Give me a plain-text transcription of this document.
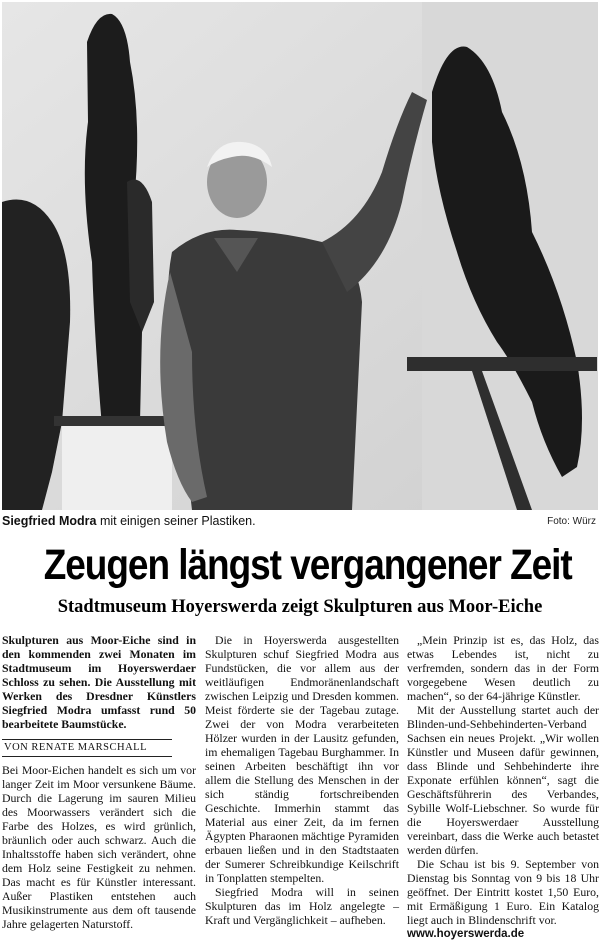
Siegfried Modra mit einigen seiner Plastiken.	Foto: Würz
Zeugen längst vergangener Zeit
Stadtmuseum Hoyerswerda zeigt Skulpturen aus Moor-Eiche
Skulpturen aus Moor-Eiche sind in den kommenden zwei Monaten im Stadtmuseum im Hoyerswerdaer Schloss zu sehen. Die Ausstellung mit Werken des Dresdner Künstlers Siegfried Modra umfasst rund 50 bearbeitete Baumstücke.
VON RENATE MARSCHALL

Bei Moor-Eichen handelt es sich um vor langer Zeit im Moor versunkene Bäume. Durch die Lagerung im sauren Milieu des Moorwassers verändert sich die Farbe des Holzes, es wird grünlich, bräunlich oder auch schwarz. Auch die Inhaltsstoffe haben sich verändert, ohne dem Holz seine Festigkeit zu nehmen. Das macht es für Künstler interessant. Außer Plastiken entstehen auch Musikinstrumente aus dem oft tausende Jahre gelagerten Naturstoff.

Die in Hoyerswerda ausgestellten Skulpturen schuf Siegfried Modra aus Fundstücken, die vor allem aus der weitläufigen Endmoränenlandschaft zwischen Leipzig und Dresden kommen. Meist förderte sie der Tagebau zutage. Zwei der von Modra verarbeiteten Hölzer wurden in der Lausitz gefunden, im ehemaligen Tagebau Burghammer. In seinen Arbeiten beschäftigt ihn vor allem die Stellung des Menschen in der sich ständig fortschreibenden Geschichte. Immerhin stammt das Material aus einer Zeit, da im fernen Ägypten Pharaonen mächtige Pyramiden erbauen ließen und in den Stadtstaaten der Sumerer Schreibkundige Keilschrift in Tonplatten stempelten.

Siegfried Modra will in seinen Skulpturen das im Holz angelegte – Kraft und Vergänglichkeit – aufheben.

„Mein Prinzip ist es, das Holz, das etwas Lebendes ist, nicht zu verfremden, sondern das in der Form vorgegebene Wesen deutlich zu machen“, so der 64-jährige Künstler.

Mit der Ausstellung startet auch der Blinden-und-Sehbehinderten-Verband Sachsen ein neues Projekt. „Wir wollen Künstler und Museen dafür gewinnen, dass Blinde und Sehbehinderte ihre Exponate erfühlen können“, sagt die Geschäftsführerin des Verbandes, Sybille Wolf-Liebschner. So wurde für die Hoyerswerdaer Ausstellung vereinbart, dass die Werke auch betastet werden dürfen.

Die Schau ist bis 9. September von Dienstag bis Sonntag von 9 bis 18 Uhr geöffnet. Der Eintritt kostet 1,50 Euro, mit Ermäßigung 1 Euro. Ein Katalog liegt auch in Blindenschrift vor.

www.hoyerswerda.de
